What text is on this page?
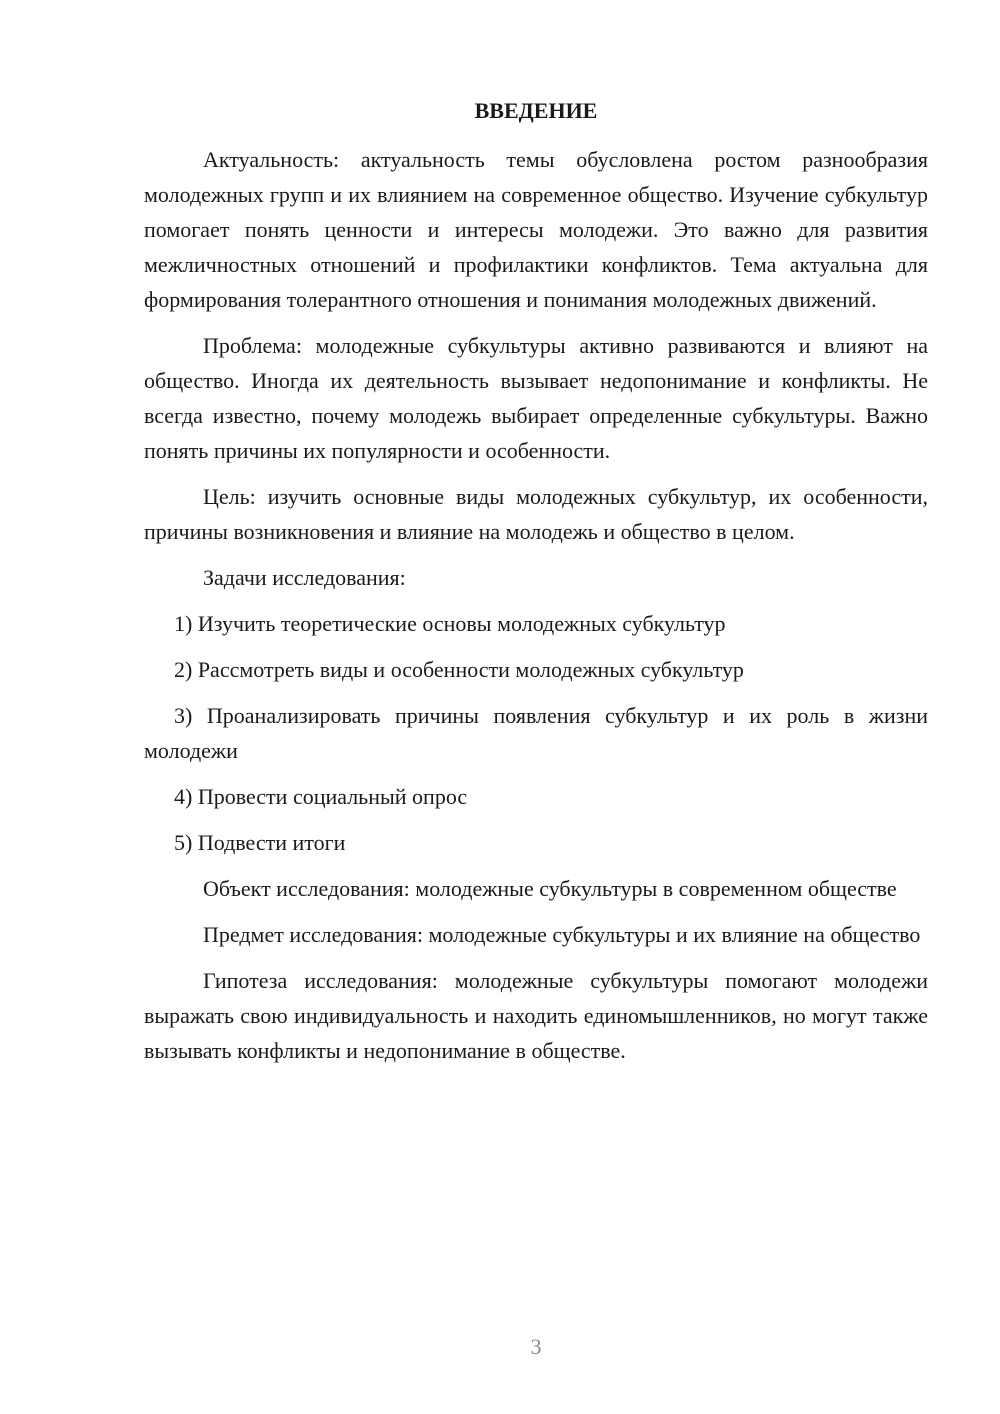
ВВЕДЕНИЕ

Актуальность: актуальность темы обусловлена ростом разнообразия молодежных групп и их влиянием на современное общество. Изучение субкультур помогает понять ценности и интересы молодежи. Это важно для развития межличностных отношений и профилактики конфликтов. Тема актуальна для формирования толерантного отношения и понимания молодежных движений.

Проблема: молодежные субкультуры активно развиваются и влияют на общество. Иногда их деятельность вызывает недопонимание и конфликты. Не всегда известно, почему молодежь выбирает определенные субкультуры. Важно понять причины их популярности и особенности.

Цель: изучить основные виды молодежных субкультур, их особенности, причины возникновения и влияние на молодежь и общество в целом.

Задачи исследования:

1) Изучить теоретические основы молодежных субкультур

2) Рассмотреть виды и особенности молодежных субкультур

3) Проанализировать причины появления субкультур и их роль в жизни молодежи

4) Провести социальный опрос

5) Подвести итоги

Объект исследования: молодежные субкультуры в современном обществе

Предмет исследования: молодежные субкультуры и их влияние на общество

Гипотеза исследования: молодежные субкультуры помогают молодежи выражать свою индивидуальность и находить единомышленников, но могут также вызывать конфликты и недопонимание в обществе.

3
